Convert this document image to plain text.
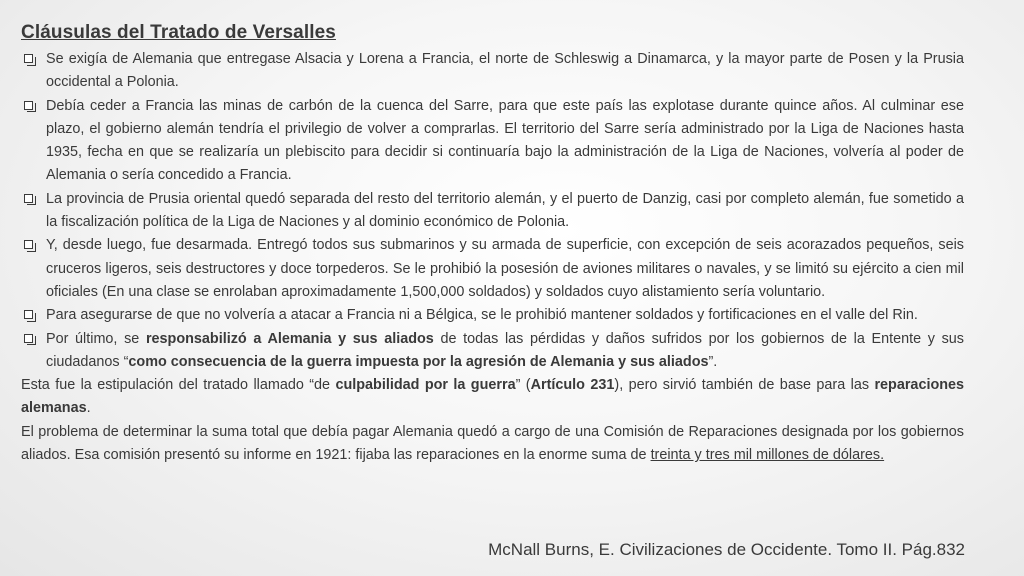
Cláusulas del Tratado de Versalles
Se exigía de Alemania que entregase Alsacia y Lorena a Francia, el norte de Schleswig a Dinamarca, y la mayor parte de Posen y la Prusia occidental a Polonia.
Debía ceder a Francia las minas de carbón de la cuenca del Sarre, para que este país las explotase durante quince años. Al culminar ese plazo, el gobierno alemán tendría el privilegio de volver a comprarlas. El territorio del Sarre sería administrado por la Liga de Naciones hasta 1935, fecha en que se realizaría un plebiscito para decidir si continuaría bajo la administración de la Liga de Naciones, volvería al poder de Alemania o sería concedido a Francia.
La provincia de Prusia oriental quedó separada del resto del territorio alemán, y el puerto de Danzig, casi por completo alemán, fue sometido a la fiscalización política de la Liga de Naciones y al dominio económico de Polonia.
Y, desde luego, fue desarmada. Entregó todos sus submarinos y su armada de superficie, con excepción de seis acorazados pequeños, seis cruceros ligeros, seis destructores y doce torpederos. Se le prohibió la posesión de aviones militares o navales, y se limitó su ejército a cien mil oficiales (En una clase se enrolaban aproximadamente 1,500,000 soldados) y soldados cuyo alistamiento sería voluntario.
Para asegurarse de que no volvería a atacar a Francia ni a Bélgica, se le prohibió mantener soldados y fortificaciones en el valle del Rin.
Por último, se responsabilizó a Alemania y sus aliados de todas las pérdidas y daños sufridos por los gobiernos de la Entente y sus ciudadanos “como consecuencia de la guerra impuesta por la agresión de Alemania y sus aliados”.

Esta fue la estipulación del tratado llamado “de culpabilidad por la guerra” (Artículo 231), pero sirvió también de base para las reparaciones alemanas.

El problema de determinar la suma total que debía pagar Alemania quedó a cargo de una Comisión de Reparaciones designada por los gobiernos aliados. Esa comisión presentó su informe en 1921: fijaba las reparaciones en la enorme suma de treinta y tres mil millones de dólares.

McNall Burns, E. Civilizaciones de Occidente. Tomo II. Pág.832
